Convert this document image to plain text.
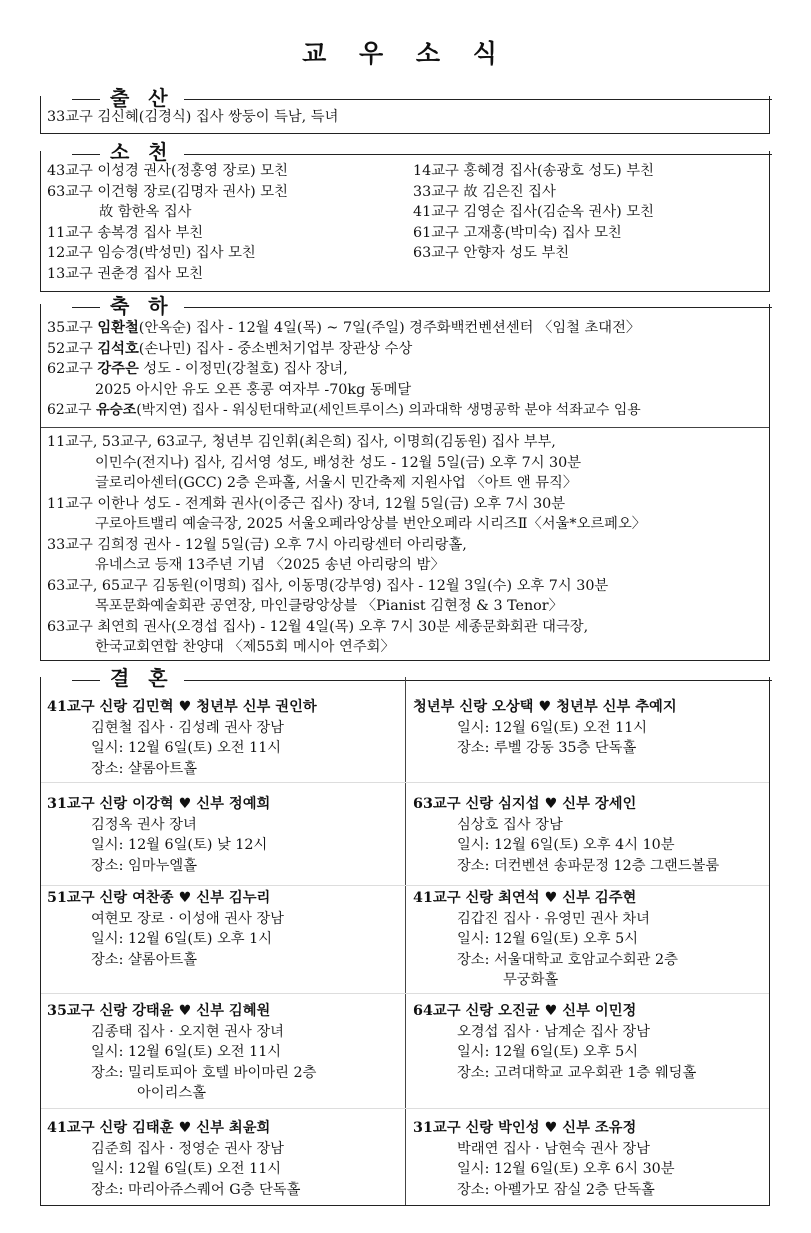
교 우 소 식
출 산
33교구 김신혜(김경식) 집사 쌍둥이 득남, 득녀
소 천
43교구 이성경 권사(정홍영 장로) 모친
63교구 이건형 장로(김명자 권사) 모친
故 함한옥 집사
11교구 송복경 집사 부친
12교구 임승경(박성민) 집사 모친
13교구 권춘경 집사 모친
14교구 홍혜경 집사(송광호 성도) 부친
33교구 故 김은진 집사
41교구 김영순 집사(김순옥 권사) 모친
61교구 고재홍(박미숙) 집사 모친
63교구 안향자 성도 부친
축 하
35교구 임환철(안옥순) 집사 - 12월 4일(목) ~ 7일(주일) 경주화백컨벤션센터 〈임철 초대전〉
52교구 김석호(손나민) 집사 - 중소벤처기업부 장관상 수상
62교구 강주은 성도 - 이정민(강철호) 집사 장녀,
2025 아시안 유도 오픈 홍콩 여자부 -70kg 동메달
62교구 유승조(박지연) 집사 - 워싱턴대학교(세인트루이스) 의과대학 생명공학 분야 석좌교수 임용
11교구, 53교구, 63교구, 청년부 김인휘(최은희) 집사, 이명희(김동원) 집사 부부,
이민수(전지나) 집사, 김서영 성도, 배성찬 성도 - 12월 5일(금) 오후 7시 30분
글로리아센터(GCC) 2층 은파홀, 서울시 민간축제 지원사업 〈아트 앤 뮤직〉
11교구 이한나 성도 - 전계화 권사(이중근 집사) 장녀, 12월 5일(금) 오후 7시 30분
구로아트밸리 예술극장, 2025 서울오페라앙상블 번안오페라 시리즈Ⅱ〈서울*오르페오〉
33교구 김희정 권사 - 12월 5일(금) 오후 7시 아리랑센터 아리랑홀,
유네스코 등재 13주년 기념 〈2025 송년 아리랑의 밤〉
63교구, 65교구 김동원(이명희) 집사, 이동명(강부영) 집사 - 12월 3일(수) 오후 7시 30분
목포문화예술회관 공연장, 마인클랑앙상블 〈Pianist 김현정 & 3 Tenor〉
63교구 최연희 권사(오경섭 집사) - 12월 4일(목) 오후 7시 30분 세종문화회관 대극장,
한국교회연합 찬양대 〈제55회 메시아 연주회〉
결 혼
41교구 신랑 김민혁 ♥ 청년부 신부 권인하
김현철 집사 · 김성례 권사 장남
일시: 12월 6일(토) 오전 11시
장소: 샬롬아트홀
청년부 신랑 오상택 ♥ 청년부 신부 추예지
일시: 12월 6일(토) 오전 11시
장소: 루벨 강동 35층 단독홀
31교구 신랑 이강혁 ♥ 신부 정예희
김정옥 권사 장녀
일시: 12월 6일(토) 낮 12시
장소: 임마누엘홀
63교구 신랑 심지섭 ♥ 신부 장세인
심상호 집사 장남
일시: 12월 6일(토) 오후 4시 10분
장소: 더컨벤션 송파문정 12층 그랜드볼룸
51교구 신랑 여찬종 ♥ 신부 김누리
여현모 장로 · 이성애 권사 장남
일시: 12월 6일(토) 오후 1시
장소: 샬롬아트홀
41교구 신랑 최연석 ♥ 신부 김주현
김갑진 집사 · 유영민 권사 차녀
일시: 12월 6일(토) 오후 5시
장소: 서울대학교 호암교수회관 2층
무궁화홀
35교구 신랑 강태윤 ♥ 신부 김혜원
김종태 집사 · 오지현 권사 장녀
일시: 12월 6일(토) 오전 11시
장소: 밀리토피아 호텔 바이마린 2층
아이리스홀
64교구 신랑 오진균 ♥ 신부 이민정
오경섭 집사 · 남계순 집사 장남
일시: 12월 6일(토) 오후 5시
장소: 고려대학교 교우회관 1층 웨딩홀
41교구 신랑 김태훈 ♥ 신부 최윤희
김준희 집사 · 정영순 권사 장남
일시: 12월 6일(토) 오전 11시
장소: 마리아쥬스퀘어 G층 단독홀
31교구 신랑 박인성 ♥ 신부 조유정
박래연 집사 · 남현숙 권사 장남
일시: 12월 6일(토) 오후 6시 30분
장소: 아펠가모 잠실 2층 단독홀
